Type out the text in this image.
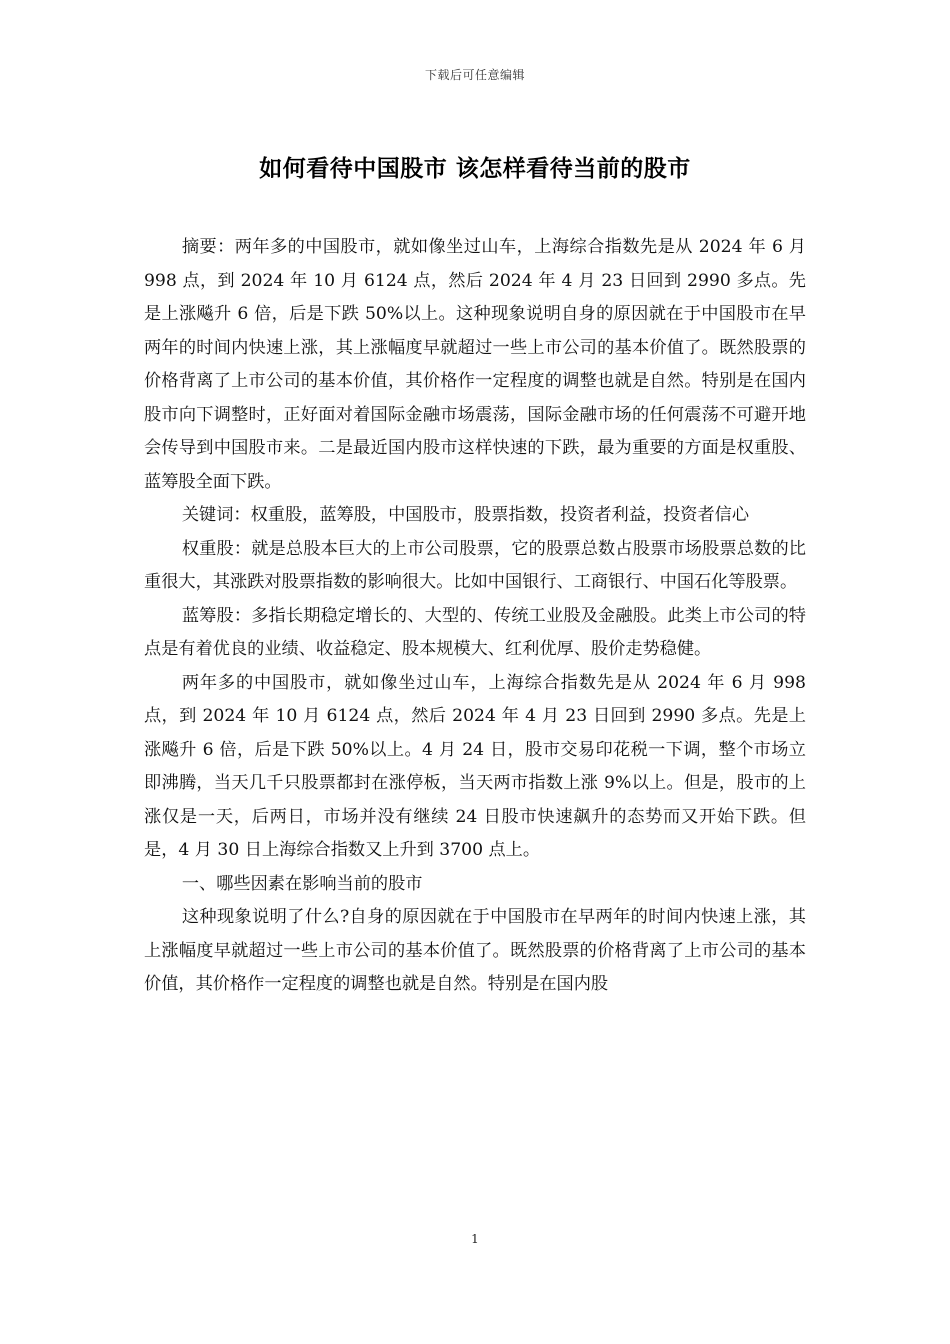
下载后可任意编辑
如何看待中国股市 该怎样看待当前的股市

摘要：两年多的中国股市，就如像坐过山车，上海综合指数先是从 2024 年 6 月 998 点，到 2024 年 10 月 6124 点，然后 2024 年 4 月 23 日回到 2990 多点。先是上涨飚升 6 倍，后是下跌 50%以上。这种现象说明自身的原因就在于中国股市在早两年的时间内快速上涨，其上涨幅度早就超过一些上市公司的基本价值了。既然股票的价格背离了上市公司的基本价值，其价格作一定程度的调整也就是自然。特别是在国内股市向下调整时，正好面对着国际金融市场震荡，国际金融市场的任何震荡不可避开地会传导到中国股市来。二是最近国内股市这样快速的下跌，最为重要的方面是权重股、蓝筹股全面下跌。

关键词：权重股，蓝筹股，中国股市，股票指数，投资者利益，投资者信心

权重股：就是总股本巨大的上市公司股票，它的股票总数占股票市场股票总数的比重很大，其涨跌对股票指数的影响很大。比如中国银行、工商银行、中国石化等股票。

蓝筹股：多指长期稳定增长的、大型的、传统工业股及金融股。此类上市公司的特点是有着优良的业绩、收益稳定、股本规模大、红利优厚、股价走势稳健。

两年多的中国股市，就如像坐过山车，上海综合指数先是从 2024 年 6 月 998 点，到 2024 年 10 月 6124 点，然后 2024 年 4 月 23 日回到 2990 多点。先是上涨飚升 6 倍，后是下跌 50%以上。4 月 24 日，股市交易印花税一下调，整个市场立即沸腾，当天几千只股票都封在涨停板，当天两市指数上涨 9%以上。但是，股市的上涨仅是一天，后两日，市场并没有继续 24 日股市快速飙升的态势而又开始下跌。但是，4 月 30 日上海综合指数又上升到 3700 点上。

一、哪些因素在影响当前的股市

这种现象说明了什么?自身的原因就在于中国股市在早两年的时间内快速上涨，其上涨幅度早就超过一些上市公司的基本价值了。既然股票的价格背离了上市公司的基本价值，其价格作一定程度的调整也就是自然。特别是在国内股

1
